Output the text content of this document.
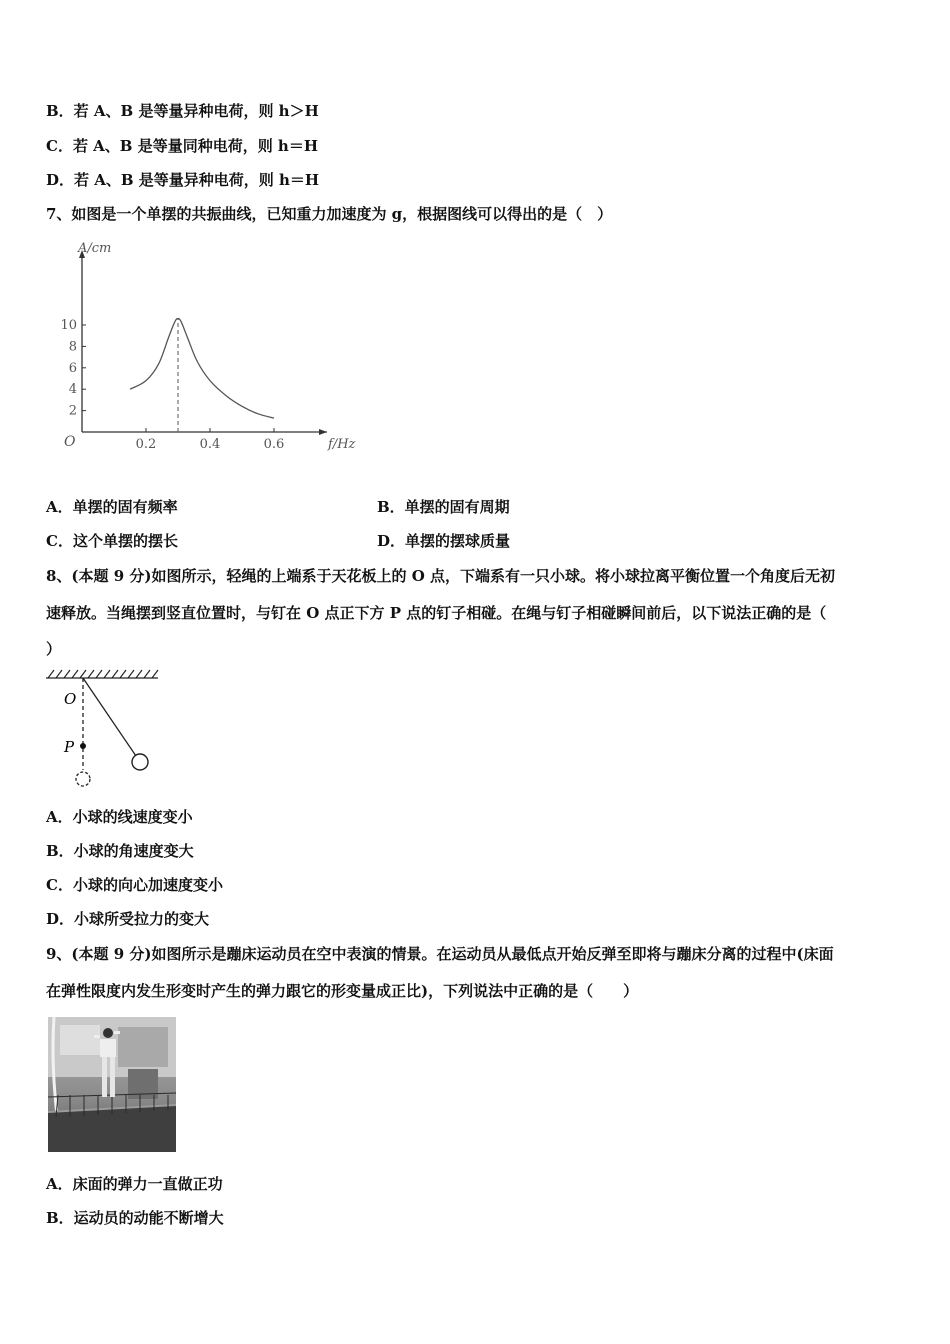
B．若 A、B 是等量异种电荷，则 h＞H
C．若 A、B 是等量同种电荷，则 h＝H
D．若 A、B 是等量异种电荷，则 h＝H
7、如图是一个单摆的共振曲线，已知重力加速度为 g，根据图线可以得出的是（　）
A/cm
f/Hz
O
2
4
6
8
10
0.2	0.4	0.6
A．单摆的固有频率	B．单摆的固有周期
C．这个单摆的摆长	D．单摆的摆球质量
8、(本题 9 分)如图所示，轻绳的上端系于天花板上的 O 点，下端系有一只小球。将小球拉离平衡位置一个角度后无初
速释放。当绳摆到竖直位置时，与钉在 O 点正下方 P 点的钉子相碰。在绳与钉子相碰瞬间前后，以下说法正确的是（
）
O
P
A．小球的线速度变小
B．小球的角速度变大
C．小球的向心加速度变小
D．小球所受拉力的变大
9、(本题 9 分)如图所示是蹦床运动员在空中表演的情景。在运动员从最低点开始反弹至即将与蹦床分离的过程中(床面
在弹性限度内发生形变时产生的弹力跟它的形变量成正比)，下列说法中正确的是（　　）
A．床面的弹力一直做正功
B．运动员的动能不断增大
